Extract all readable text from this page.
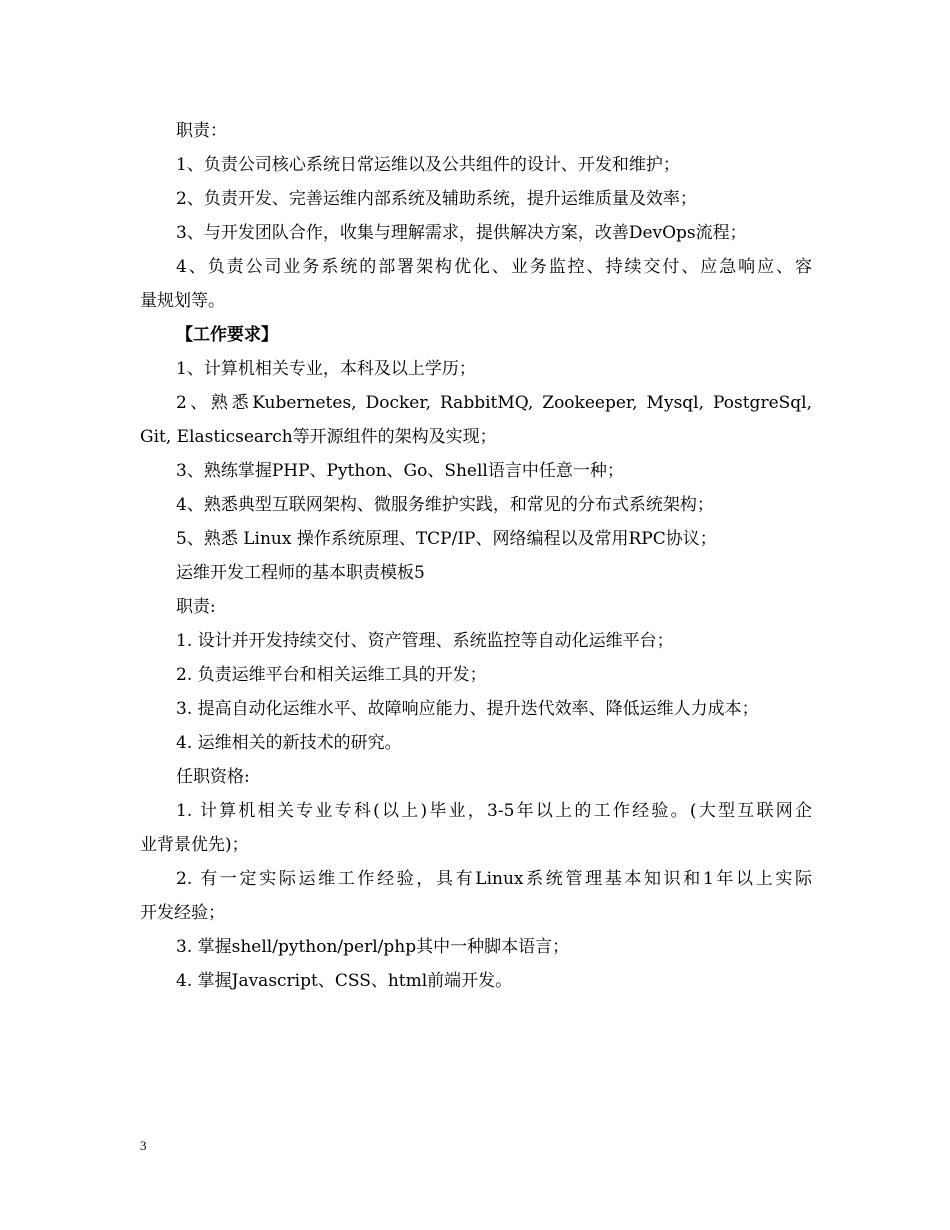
职责：
1、负责公司核心系统日常运维以及公共组件的设计、开发和维护；
2、负责开发、完善运维内部系统及辅助系统，提升运维质量及效率；
3、与开发团队合作，收集与理解需求，提供解决方案，改善DevOps流程；
4、负责公司业务系统的部署架构优化、业务监控、持续交付、应急响应、容
量规划等。
【工作要求】
1、计算机相关专业，本科及以上学历；
2、熟悉Kubernetes, Docker, RabbitMQ, Zookeeper, Mysql, PostgreSql,
Git, Elasticsearch等开源组件的架构及实现；
3、熟练掌握PHP、Python、Go、Shell语言中任意一种；
4、熟悉典型互联网架构、微服务维护实践，和常见的分布式系统架构；
5、熟悉 Linux 操作系统原理、TCP/IP、网络编程以及常用RPC协议；
运维开发工程师的基本职责模板5
职责:
1. 设计并开发持续交付、资产管理、系统监控等自动化运维平台；
2. 负责运维平台和相关运维工具的开发；
3. 提高自动化运维水平、故障响应能力、提升迭代效率、降低运维人力成本；
4. 运维相关的新技术的研究。
任职资格:
1. 计算机相关专业专科(以上)毕业，3-5年以上的工作经验。(大型互联网企
业背景优先)；
2. 有一定实际运维工作经验，具有Linux系统管理基本知识和1年以上实际
开发经验；
3. 掌握shell/python/perl/php其中一种脚本语言；
4. 掌握Javascript、CSS、html前端开发。
3
